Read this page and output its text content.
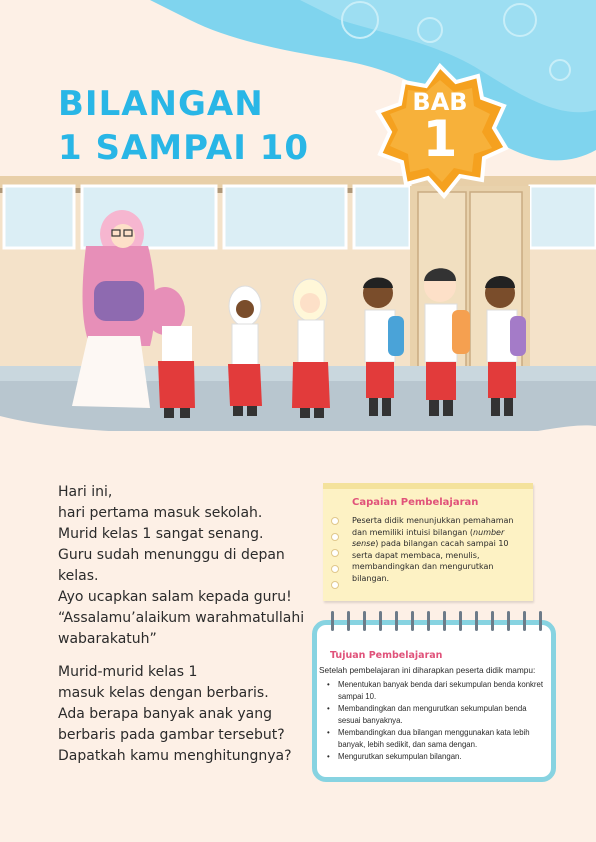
BILANGAN
1 SAMPAI 10
BAB
1

Hari ini,

hari pertama masuk sekolah.

Murid kelas 1 sangat senang.

Guru sudah menunggu di depan

kelas.

Ayo ucapkan salam kepada guru!

“Assalamu’alaikum warahmatullahi

wabarakatuh”

Murid-murid kelas 1

masuk kelas dengan berbaris.

Ada berapa banyak anak yang

berbaris pada gambar tersebut?

Dapatkah kamu menghitungnya?

Capaian Pembelajaran
Peserta didik menunjukkan pemahaman dan memiliki intuisi bilangan (number sense) pada bilangan cacah sampai 10 serta dapat membaca, menulis, membandingkan dan mengurutkan bilangan.
Tujuan Pembelajaran
Setelah pembelajaran ini diharapkan peserta didik mampu:
• Menentukan banyak benda dari sekumpulan benda konkret sampai 10.
• Membandingkan dan mengurutkan sekumpulan benda sesuai banyaknya.
• Membandingkan dua bilangan menggunakan kata lebih banyak, lebih sedikit, dan sama dengan.
• Mengurutkan sekumpulan bilangan.
